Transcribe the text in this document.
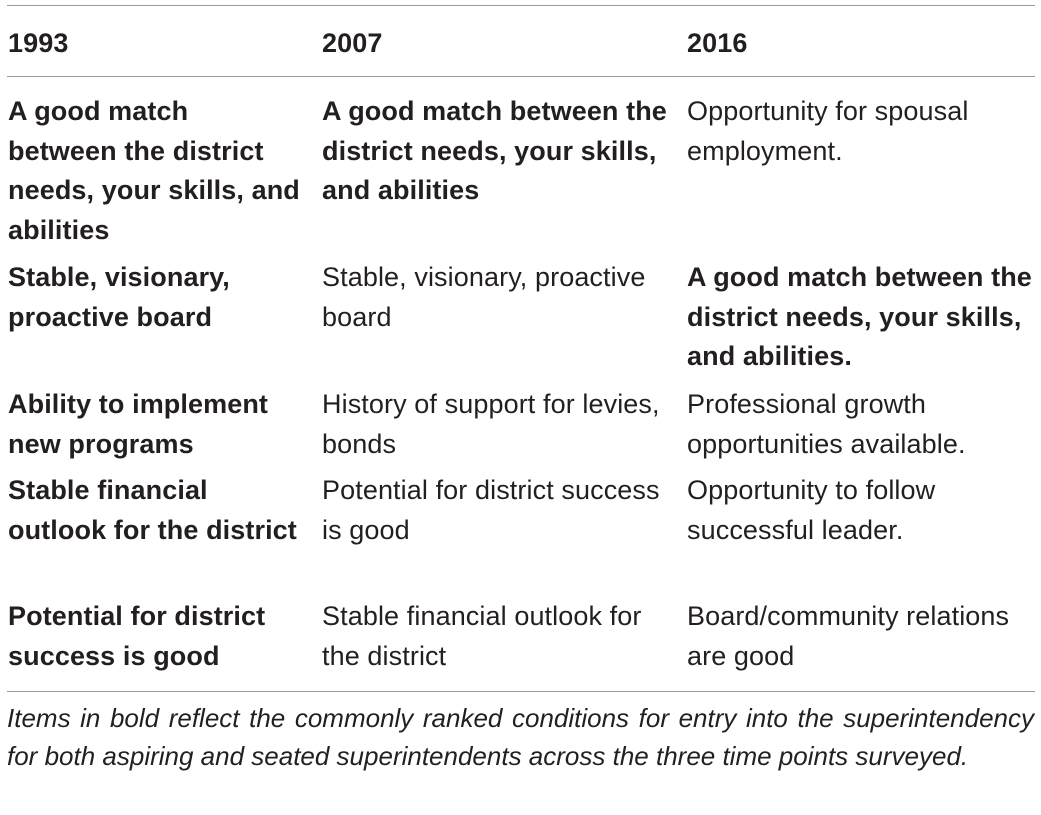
1993	2007	2016
A good match between the district needs, your skills, and abilities
A good match between the district needs, your skills, and abilities
Opportunity for spousal employment.
Stable, visionary, proactive board
Stable, visionary, proactive board
A good match between the district needs, your skills, and abilities.
Ability to implement new programs
History of support for levies, bonds
Professional growth opportunities available.
Stable financial outlook for the district
Potential for district success is good
Opportunity to follow successful leader.
Potential for district success is good
Stable financial outlook for the district
Board/community relations are good
Items in bold reflect the commonly ranked conditions for entry into the superintendency for both aspiring and seated superintendents across the three time points surveyed.
